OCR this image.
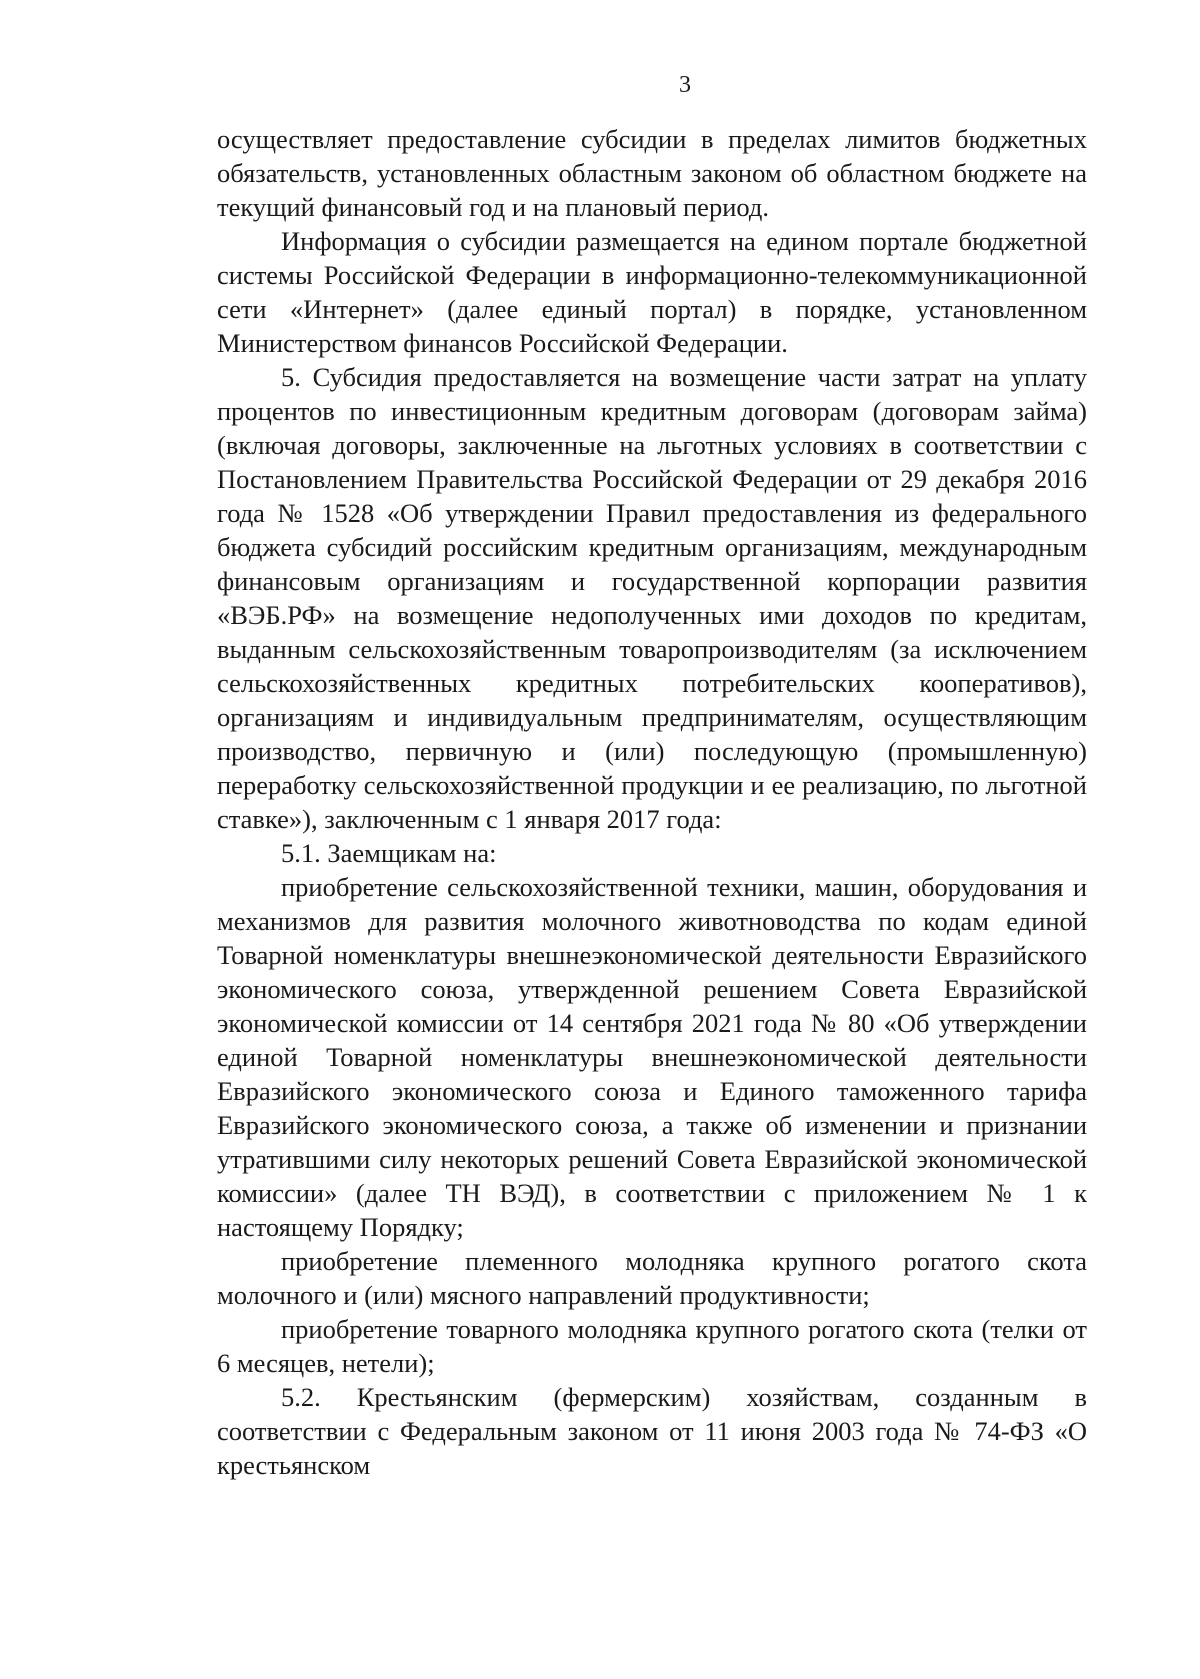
3

осуществляет предоставление субсидии в пределах лимитов бюджетных обязательств, установленных областным законом об областном бюджете на текущий финансовый год и на плановый период.

Информация о субсидии размещается на едином портале бюджетной системы Российской Федерации в информационно-телекоммуникационной сети «Интернет» (далее единый портал) в порядке, установленном Министерством финансов Российской Федерации.

5. Субсидия предоставляется на возмещение части затрат на уплату процентов по инвестиционным кредитным договорам (договорам займа) (включая договоры, заключенные на льготных условиях в соответствии с Постановлением Правительства Российской Федерации от 29 декабря 2016 года № 1528 «Об утверждении Правил предоставления из федерального бюджета субсидий российским кредитным организациям, международным финансовым организациям и государственной корпорации развития «ВЭБ.РФ» на возмещение недополученных ими доходов по кредитам, выданным сельскохозяйственным товаропроизводителям (за исключением сельскохозяйственных кредитных потребительских кооперативов), организациям и индивидуальным предпринимателям, осуществляющим производство, первичную и (или) последующую (промышленную) переработку сельскохозяйственной продукции и ее реализацию, по льготной ставке»), заключенным с 1 января 2017 года:

5.1. Заемщикам на:

приобретение сельскохозяйственной техники, машин, оборудования и механизмов для развития молочного животноводства по кодам единой Товарной номенклатуры внешнеэкономической деятельности Евразийского экономического союза, утвержденной решением Совета Евразийской экономической комиссии от 14 сентября 2021 года № 80 «Об утверждении единой Товарной номенклатуры внешнеэкономической деятельности Евразийского экономического союза и Единого таможенного тарифа Евразийского экономического союза, а также об изменении и признании утратившими силу некоторых решений Совета Евразийской экономической комиссии» (далее ТН ВЭД), в соответствии с приложением № 1 к настоящему Порядку;

приобретение племенного молодняка крупного рогатого скота молочного и (или) мясного направлений продуктивности;

приобретение товарного молодняка крупного рогатого скота (телки от 6 месяцев, нетели);

5.2. Крестьянским (фермерским) хозяйствам, созданным в соответствии с Федеральным законом от 11 июня 2003 года № 74-ФЗ «О крестьянском
